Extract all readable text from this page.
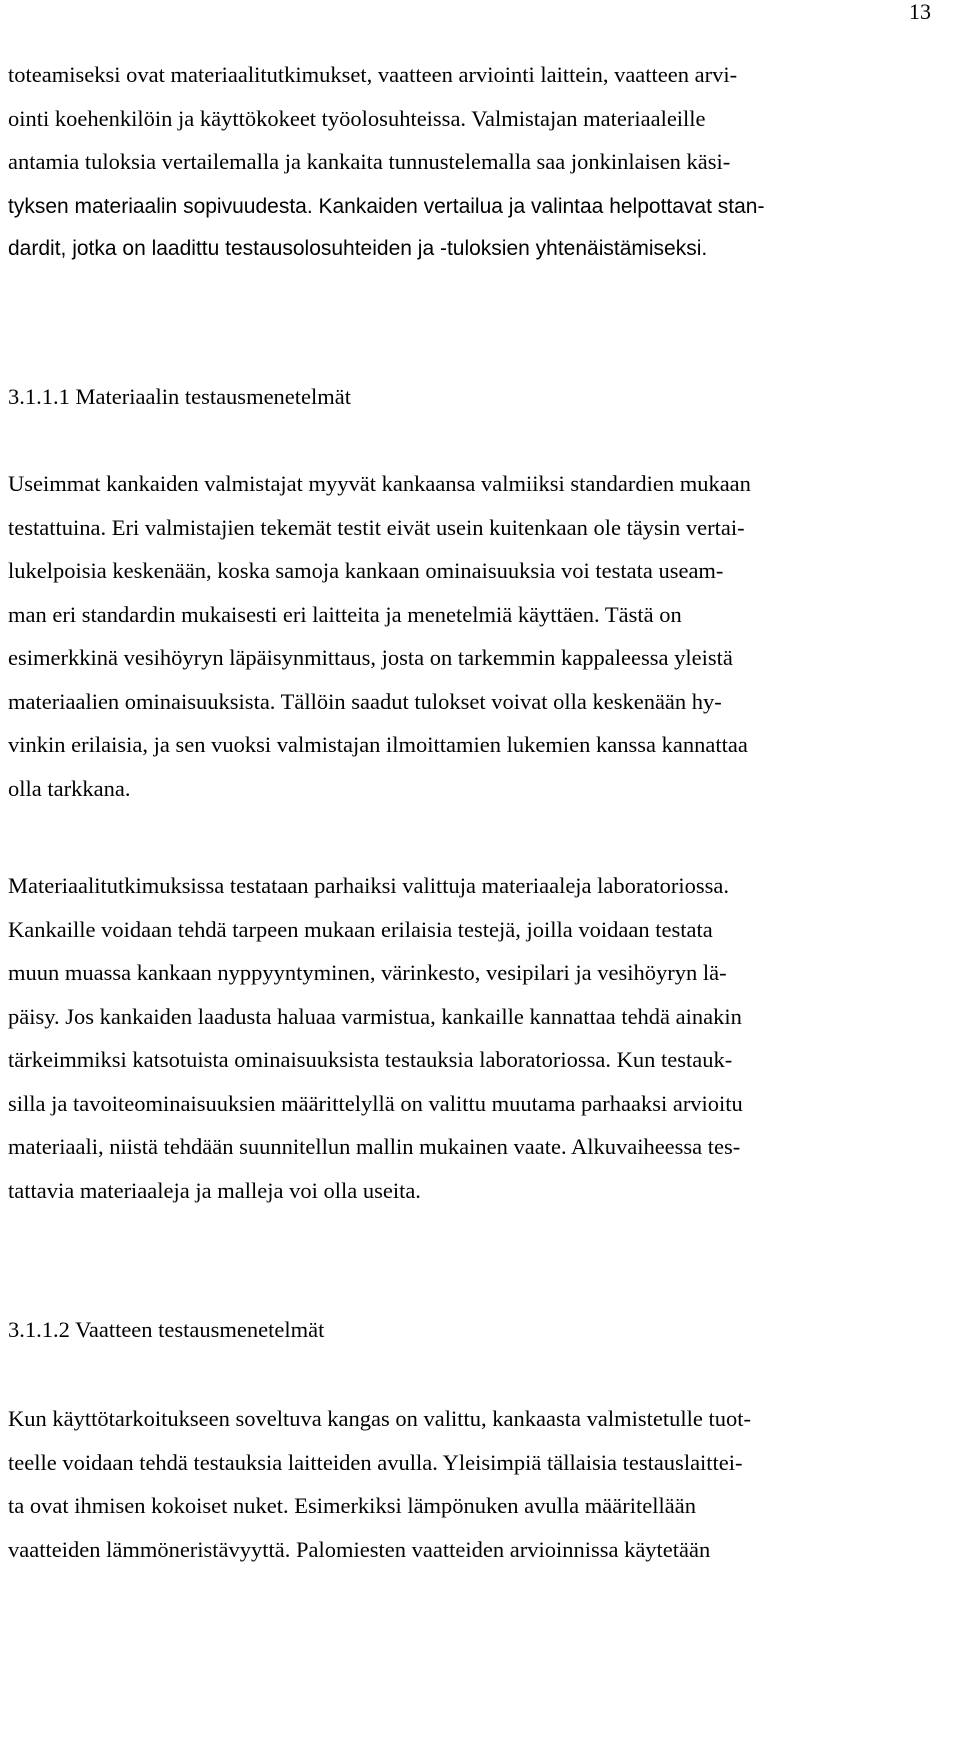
13
toteamiseksi ovat materiaalitutkimukset, vaatteen arviointi laittein, vaatteen arvi-
ointi koehenkilöin ja käyttökokeet työolosuhteissa. Valmistajan materiaaleille
antamia tuloksia vertailemalla ja kankaita tunnustelemalla saa jonkinlaisen käsi-
tyksen materiaalin sopivuudesta. Kankaiden vertailua ja valintaa helpottavat stan-
dardit, jotka on laadittu testausolosuhteiden ja -tuloksien yhtenäistämiseksi.
3.1.1.1 Materiaalin testausmenetelmät
Useimmat kankaiden valmistajat myyvät kankaansa valmiiksi standardien mukaan
testattuina. Eri valmistajien tekemät testit eivät usein kuitenkaan ole täysin vertai-
lukelpoisia keskenään, koska samoja kankaan ominaisuuksia voi testata useam-
man eri standardin mukaisesti eri laitteita ja menetelmiä käyttäen. Tästä on
esimerkkinä vesihöyryn läpäisynmittaus, josta on tarkemmin kappaleessa yleistä
materiaalien ominaisuuksista. Tällöin saadut tulokset voivat olla keskenään hy-
vinkin erilaisia, ja sen vuoksi valmistajan ilmoittamien lukemien kanssa kannattaa
olla tarkkana.
Materiaalitutkimuksissa testataan parhaiksi valittuja materiaaleja laboratoriossa.
Kankaille voidaan tehdä tarpeen mukaan erilaisia testejä, joilla voidaan testata
muun muassa kankaan nyppyyntyminen, värinkesto, vesipilari ja vesihöyryn lä-
päisy. Jos kankaiden laadusta haluaa varmistua, kankaille kannattaa tehdä ainakin
tärkeimmiksi katsotuista ominaisuuksista testauksia laboratoriossa. Kun testauk-
silla ja tavoiteominaisuuksien määrittelyllä on valittu muutama parhaaksi arvioitu
materiaali, niistä tehdään suunnitellun mallin mukainen vaate. Alkuvaiheessa tes-
tattavia materiaaleja ja malleja voi olla useita.
3.1.1.2 Vaatteen testausmenetelmät
Kun käyttötarkoitukseen soveltuva kangas on valittu, kankaasta valmistetulle tuot-
teelle voidaan tehdä testauksia laitteiden avulla. Yleisimpiä tällaisia testauslaittei-
ta ovat ihmisen kokoiset nuket. Esimerkiksi lämpönuken avulla määritellään
vaatteiden lämmöneristävyyttä. Palomiesten vaatteiden arvioinnissa käytetään
